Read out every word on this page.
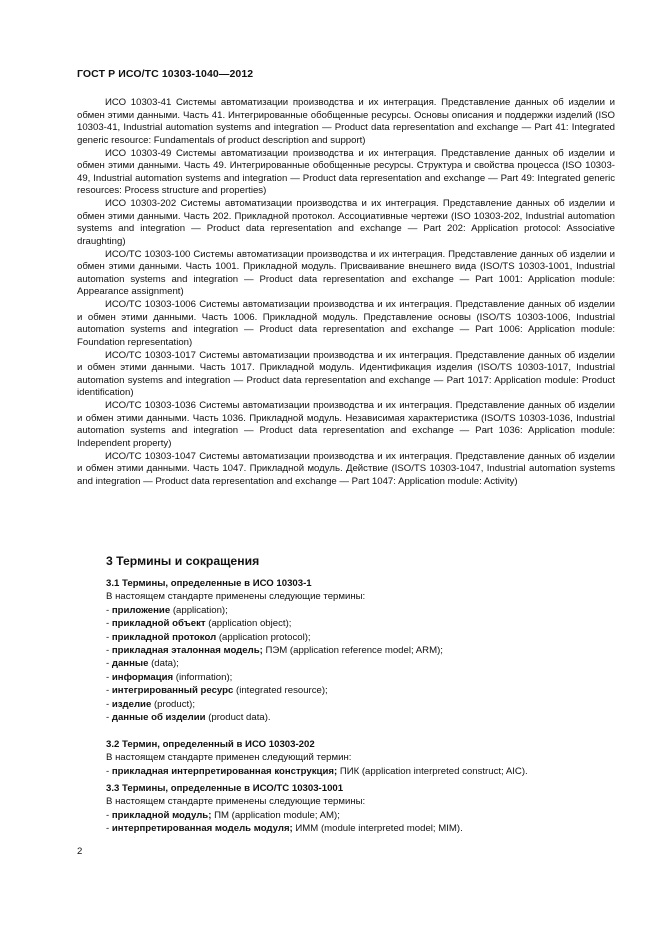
ГОСТ Р ИСО/ТС 10303-1040—2012

ИСО 10303-41 Системы автоматизации производства и их интеграция. Представление данных об изделии и обмен этими данными. Часть 41. Интегрированные обобщенные ресурсы. Основы описания и поддержки изделий (ISO 10303-41, Industrial automation systems and integration — Product data representation and exchange — Part 41: Integrated generic resource: Fundamentals of product description and support)

ИСО 10303-49 Системы автоматизации производства и их интеграция. Представление данных об изделии и обмен этими данными. Часть 49. Интегрированные обобщенные ресурсы. Структура и свойства процесса (ISO 10303-49, Industrial automation systems and integration — Product data representation and exchange — Part 49: Integrated generic resources: Process structure and properties)

ИСО 10303-202 Системы автоматизации производства и их интеграция. Представление данных об изделии и обмен этими данными. Часть 202. Прикладной протокол. Ассоциативные чертежи (ISO 10303-202, Industrial automation systems and integration — Product data representation and exchange — Part 202: Application protocol: Associative draughting)

ИСО/ТС 10303-100 Системы автоматизации производства и их интеграция. Представление данных об изделии и обмен этими данными. Часть 1001. Прикладной модуль. Присваивание внешнего вида (ISO/TS 10303-1001, Industrial automation systems and integration — Product data representation and exchange — Part 1001: Application module: Appearance assignment)

ИСО/ТС 10303-1006 Системы автоматизации производства и их интеграция. Представление данных об изделии и обмен этими данными. Часть 1006. Прикладной модуль. Представление основы (ISO/TS 10303-1006, Industrial automation systems and integration — Product data representation and exchange — Part 1006: Application module: Foundation representation)

ИСО/ТС 10303-1017 Системы автоматизации производства и их интеграция. Представление данных об изделии и обмен этими данными. Часть 1017. Прикладной модуль. Идентификация изделия (ISO/TS 10303-1017, Industrial automation systems and integration — Product data representation and exchange — Part 1017: Application module: Product identification)

ИСО/ТС 10303-1036 Системы автоматизации производства и их интеграция. Представление данных об изделии и обмен этими данными. Часть 1036. Прикладной модуль. Независимая характеристика (ISO/TS 10303-1036, Industrial automation systems and integration — Product data representation and exchange — Part 1036: Application module: Independent property)

ИСО/ТС 10303-1047 Системы автоматизации производства и их интеграция. Представление данных об изделии и обмен этими данными. Часть 1047. Прикладной модуль. Действие (ISO/TS 10303-1047, Industrial automation systems and integration — Product data representation and exchange — Part 1047: Application module: Activity)

3 Термины и сокращения

3.1 Термины, определенные в ИСО 10303-1

В настоящем стандарте применены следующие термины:

- приложение (application);

- прикладной объект (application object);

- прикладной протокол (application protocol);

- прикладная эталонная модель; ПЭМ (application reference model; ARM);

- данные (data);

- информация (information);

- интегрированный ресурс (integrated resource);

- изделие (product);

- данные об изделии (product data).

3.2 Термин, определенный в ИСО 10303-202

В настоящем стандарте применен следующий термин:

- прикладная интерпретированная конструкция; ПИК (application interpreted construct; AIC).

3.3 Термины, определенные в ИСО/ТС 10303-1001

В настоящем стандарте применены следующие термины:

- прикладной модуль; ПМ (application module; AM);

- интерпретированная модель модуля; ИММ (module interpreted model; MIM).

2
